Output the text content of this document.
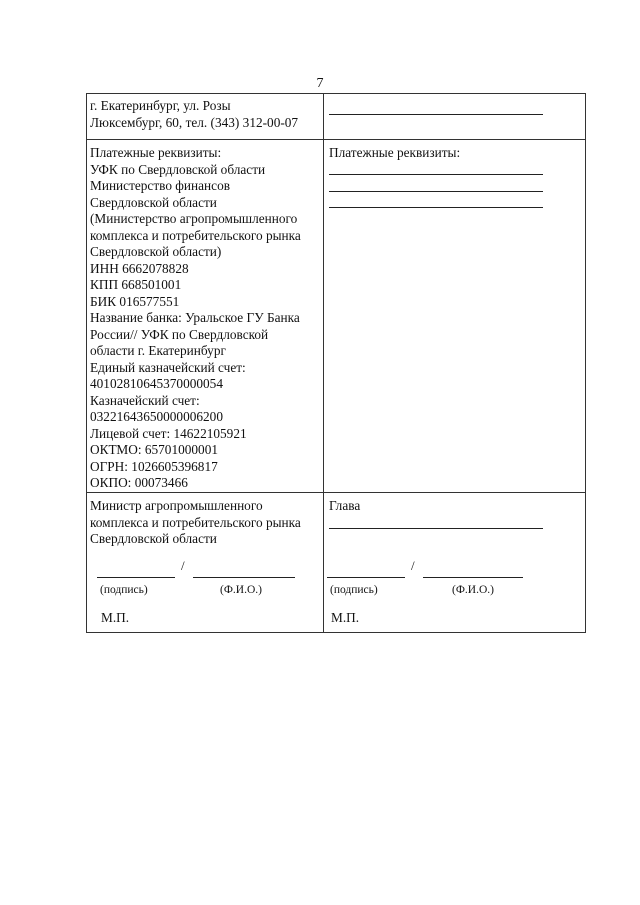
7
г. Екатеринбург, ул. Розы
Люксембург, 60, тел. (343) 312-00-07
Платежные реквизиты:
УФК по Свердловской области
Министерство финансов
Свердловской области
(Министерство агропромышленного
комплекса и потребительского рынка
Свердловской области)
ИНН 6662078828
КПП 668501001
БИК 016577551
Название банка: Уральское ГУ Банка
России// УФК по Свердловской
области г. Екатеринбург
Единый казначейский счет:
40102810645370000054
Казначейский счет:
03221643650000006200
Лицевой счет: 14622105921
ОКТМО: 65701000001
ОГРН: 1026605396817
ОКПО: 00073466
Платежные реквизиты:
Министр агропромышленного
комплекса и потребительского рынка
Свердловской области
Глава
/
(подпись)	(Ф.И.О.)
М.П.
/
(подпись)	(Ф.И.О.)
М.П.
